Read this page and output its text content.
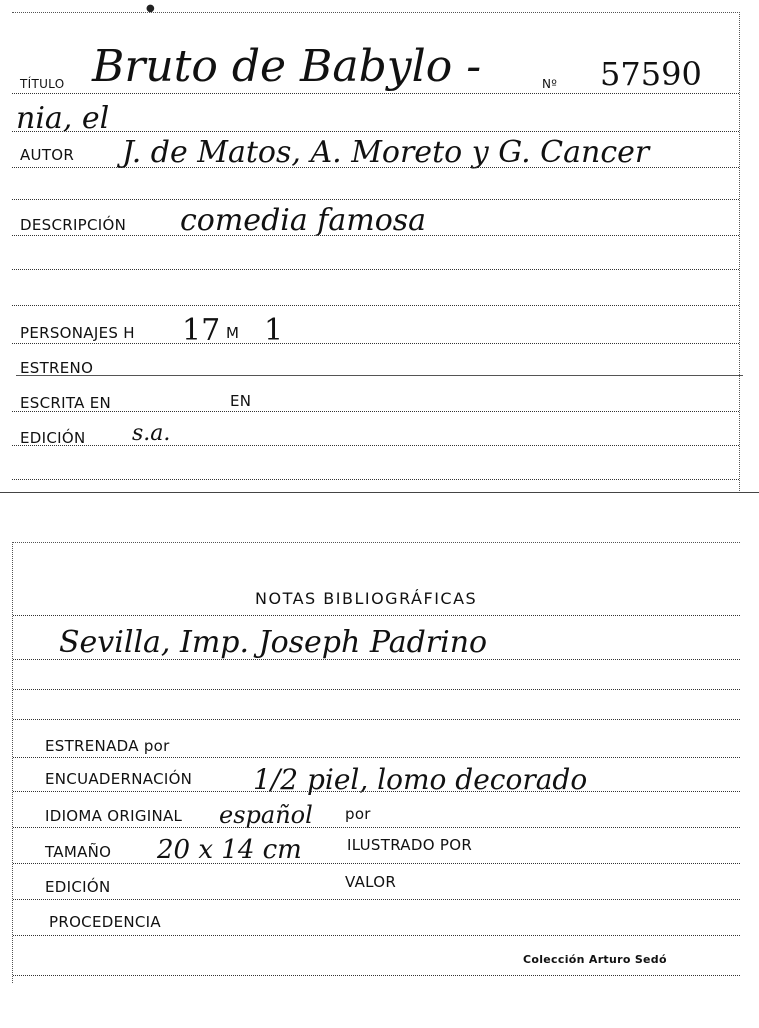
●
TÍTULO Bruto de Babylo -	Nº 57590
nia, el
AUTOR J. de Matos, A. Moreto y G. Cancer
DESCRIPCIÓN comedia famosa
PERSONAJES H 17 M 1
ESTRENO
ESCRITA EN	EN
EDICIÓN s.a.
NOTAS BIBLIOGRÁFICAS
Sevilla, Imp. Joseph Padrino
ESTRENADA por
ENCUADERNACIÓN 1/2 piel, lomo decorado
IDIOMA ORIGINAL español por
TAMAÑO 20 x 14 cm	ILUSTRADO POR
EDICIÓN	VALOR
PROCEDENCIA
Colección Arturo Sedó
